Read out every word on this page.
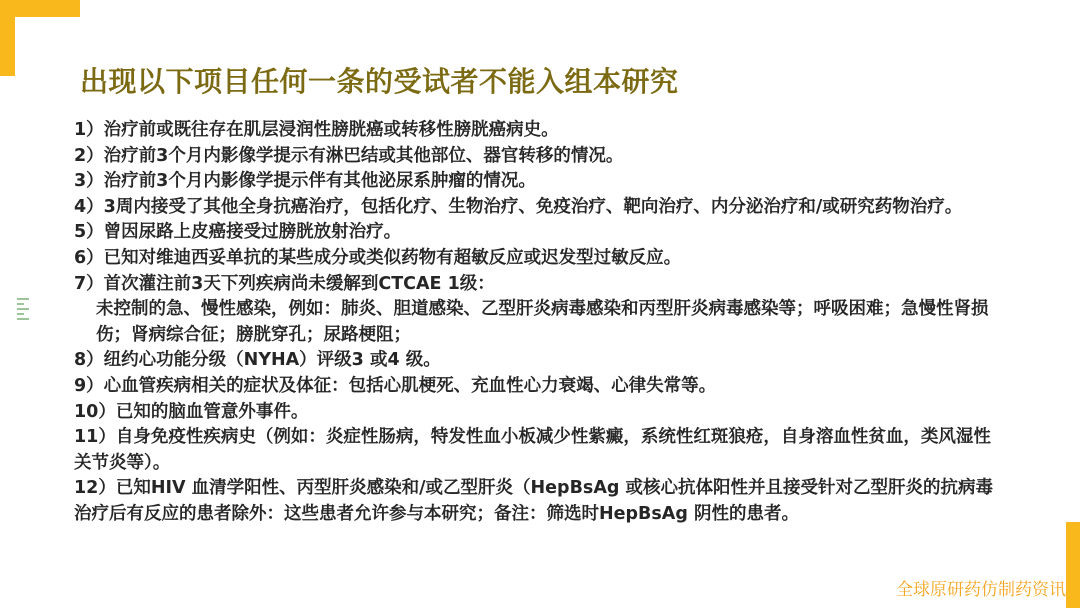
出现以下项目任何一条的受试者不能入组本研究

1）治疗前或既往存在肌层浸润性膀胱癌或转移性膀胱癌病史。

2）治疗前3个月内影像学提示有淋巴结或其他部位、器官转移的情况。

3）治疗前3个月内影像学提示伴有其他泌尿系肿瘤的情况。

4）3周内接受了其他全身抗癌治疗，包括化疗、生物治疗、免疫治疗、靶向治疗、内分泌治疗和/或研究药物治疗。

5）曾因尿路上皮癌接受过膀胱放射治疗。

6）已知对维迪西妥单抗的某些成分或类似药物有超敏反应或迟发型过敏反应。

7）首次灌注前3天下列疾病尚未缓解到CTCAE 1级：

未控制的急、慢性感染，例如：肺炎、胆道感染、乙型肝炎病毒感染和丙型肝炎病毒感染等；呼吸困难；急慢性肾损伤；肾病综合征；膀胱穿孔；尿路梗阻；

8）纽约心功能分级（NYHA）评级3 或4 级。

9）心血管疾病相关的症状及体征：包括心肌梗死、充血性心力衰竭、心律失常等。

10）已知的脑血管意外事件。

11）自身免疫性疾病史（例如：炎症性肠病，特发性血小板减少性紫癜，系统性红斑狼疮，自身溶血性贫血，类风湿性关节炎等）。

12）已知HIV 血清学阳性、丙型肝炎感染和/或乙型肝炎（HepBsAg 或核心抗体阳性并且接受针对乙型肝炎的抗病毒治疗后有反应的患者除外：这些患者允许参与本研究；备注：筛选时HepBsAg 阴性的患者。

全球原研药仿制药资讯
